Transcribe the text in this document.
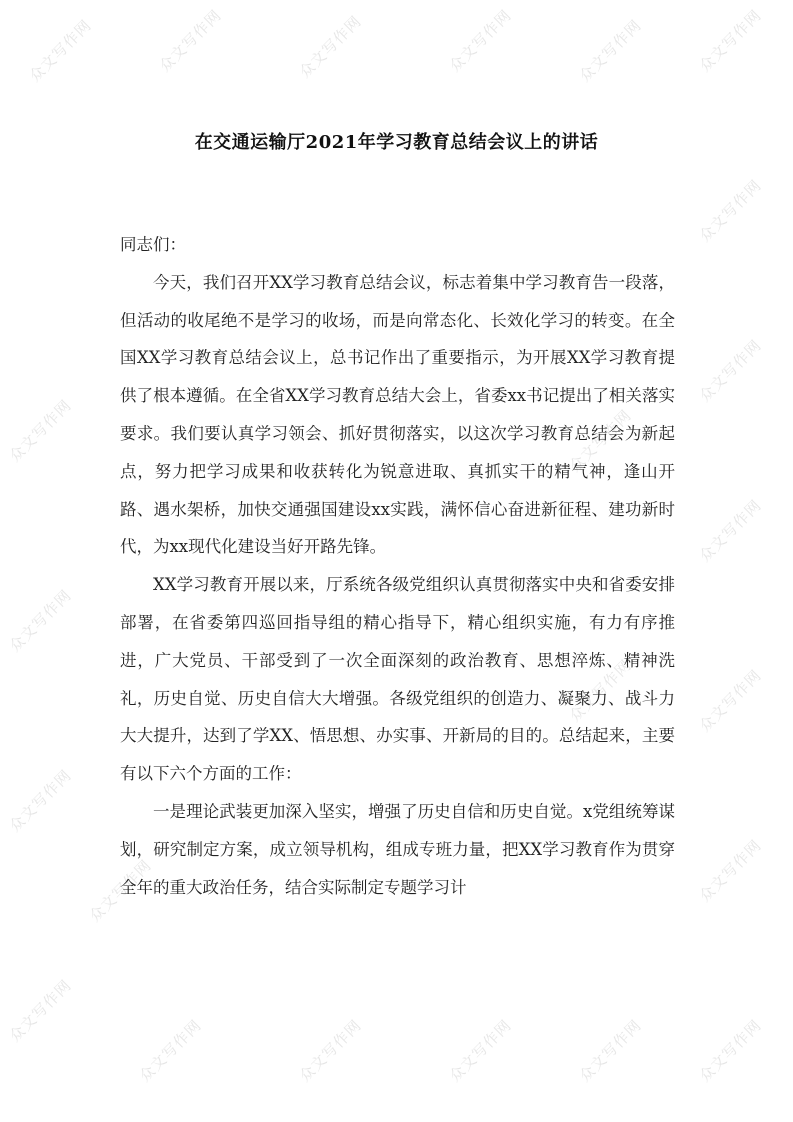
众文写作网	众文写作网	众文写作网	众文写作网	众文写作网	众文写作网
众文写作网
众文写作网
众文写作网
众文写作网
众文写作网
众文写作网
众文写作网
众文写作网
众文写作网
众文写作网
众文写作网	众文写作网	众文写作网	众文写作网
众文写作网
众文写作网
众文写作网
在交通运输厅2021年学习教育总结会议上的讲话

同志们：

今天，我们召开XX学习教育总结会议，标志着集中学习教育告一段落，但活动的收尾绝不是学习的收场，而是向常态化、长效化学习的转变。在全国XX学习教育总结会议上，总书记作出了重要指示，为开展XX学习教育提供了根本遵循。在全省XX学习教育总结大会上，省委xx书记提出了相关落实要求。我们要认真学习领会、抓好贯彻落实，以这次学习教育总结会为新起点，努力把学习成果和收获转化为锐意进取、真抓实干的精气神，逢山开路、遇水架桥，加快交通强国建设xx实践，满怀信心奋进新征程、建功新时代，为xx现代化建设当好开路先锋。

XX学习教育开展以来，厅系统各级党组织认真贯彻落实中央和省委安排部署，在省委第四巡回指导组的精心指导下，精心组织实施，有力有序推进，广大党员、干部受到了一次全面深刻的政治教育、思想淬炼、精神洗礼，历史自觉、历史自信大大增强。各级党组织的创造力、凝聚力、战斗力大大提升，达到了学XX、悟思想、办实事、开新局的目的。总结起来，主要有以下六个方面的工作：

一是理论武装更加深入坚实，增强了历史自信和历史自觉。x党组统筹谋划，研究制定方案，成立领导机构，组成专班力量，把XX学习教育作为贯穿全年的重大政治任务，结合实际制定专题学习计
